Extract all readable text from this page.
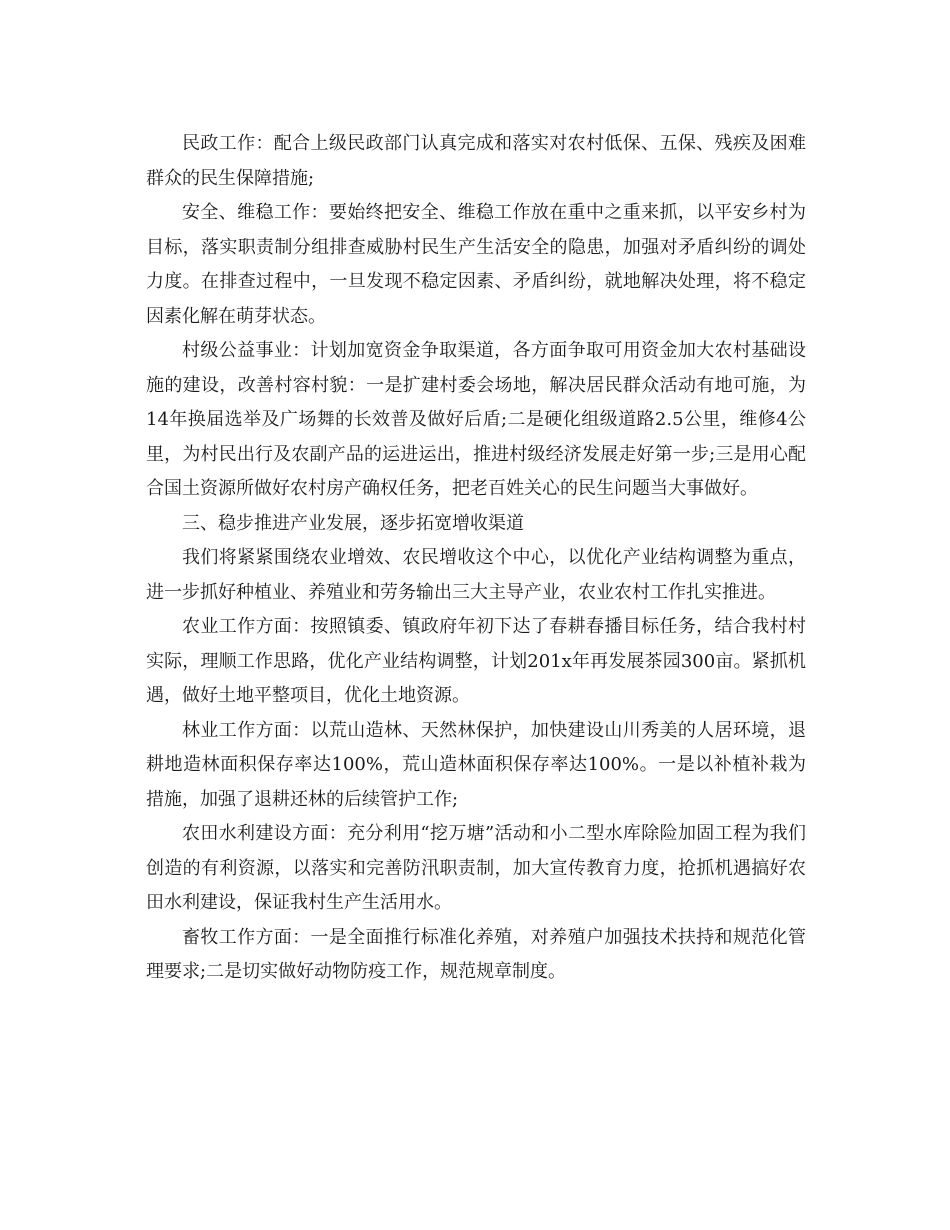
民政工作：配合上级民政部门认真完成和落实对农村低保、五保、残疾及困难群众的民生保障措施;

安全、维稳工作：要始终把安全、维稳工作放在重中之重来抓，以平安乡村为目标，落实职责制分组排查威胁村民生产生活安全的隐患，加强对矛盾纠纷的调处力度。在排查过程中，一旦发现不稳定因素、矛盾纠纷，就地解决处理，将不稳定因素化解在萌芽状态。

村级公益事业：计划加宽资金争取渠道，各方面争取可用资金加大农村基础设施的建设，改善村容村貌：一是扩建村委会场地，解决居民群众活动有地可施，为14年换届选举及广场舞的长效普及做好后盾;二是硬化组级道路2.5公里，维修4公里，为村民出行及农副产品的运进运出，推进村级经济发展走好第一步;三是用心配合国土资源所做好农村房产确权任务，把老百姓关心的民生问题当大事做好。

三、稳步推进产业发展，逐步拓宽增收渠道

我们将紧紧围绕农业增效、农民增收这个中心，以优化产业结构调整为重点，进一步抓好种植业、养殖业和劳务输出三大主导产业，农业农村工作扎实推进。

农业工作方面：按照镇委、镇政府年初下达了春耕春播目标任务，结合我村村实际，理顺工作思路，优化产业结构调整，计划201x年再发展茶园300亩。紧抓机遇，做好土地平整项目，优化土地资源。

林业工作方面：以荒山造林、天然林保护，加快建设山川秀美的人居环境，退耕地造林面积保存率达100%，荒山造林面积保存率达100%。一是以补植补栽为措施，加强了退耕还林的后续管护工作;

农田水利建设方面：充分利用“挖万塘”活动和小二型水库除险加固工程为我们创造的有利资源，以落实和完善防汛职责制，加大宣传教育力度，抢抓机遇搞好农田水利建设，保证我村生产生活用水。

畜牧工作方面：一是全面推行标准化养殖，对养殖户加强技术扶持和规范化管理要求;二是切实做好动物防疫工作，规范规章制度。
